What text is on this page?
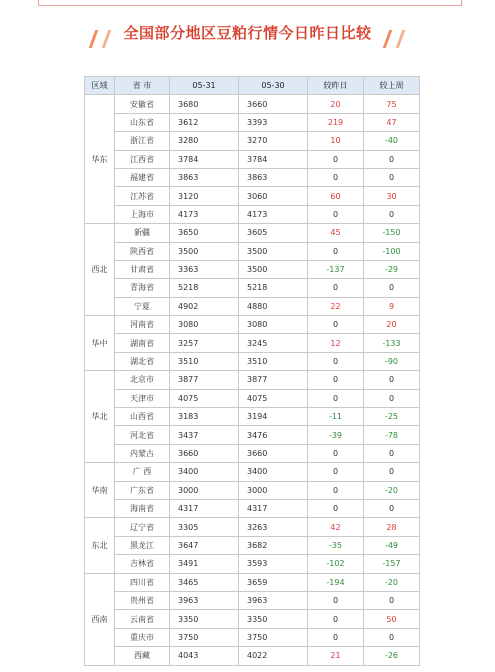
全国部分地区豆粕行情今日昨日比较
区域	省 市	05-31	05-30	较昨日	较上周
华东	安徽省	3680	3660	20	75
	山东省	3612	3393	219	47
	浙江省	3280	3270	10	-40
	江西省	3784	3784	0	0
	福建省	3863	3863	0	0
	江苏省	3120	3060	60	30
	上海市	4173	4173	0	0
西北	新疆	3650	3605	45	-150
	陕西省	3500	3500	0	-100
	甘肃省	3363	3500	-137	-29
	青海省	5218	5218	0	0
	宁夏	4902	4880	22	9
华中	河南省	3080	3080	0	20
	湖南省	3257	3245	12	-133
	湖北省	3510	3510	0	-90
华北	北京市	3877	3877	0	0
	天津市	4075	4075	0	0
	山西省	3183	3194	-11	-25
	河北省	3437	3476	-39	-78
	内蒙古	3660	3660	0	0
华南	广 西	3400	3400	0	0
	广东省	3000	3000	0	-20
	海南省	4317	4317	0	0
东北	辽宁省	3305	3263	42	28
	黑龙江	3647	3682	-35	-49
	吉林省	3491	3593	-102	-157
西南	四川省	3465	3659	-194	-20
	贵州省	3963	3963	0	0
	云南省	3350	3350	0	50
	重庆市	3750	3750	0	0
	西藏	4043	4022	21	-26
